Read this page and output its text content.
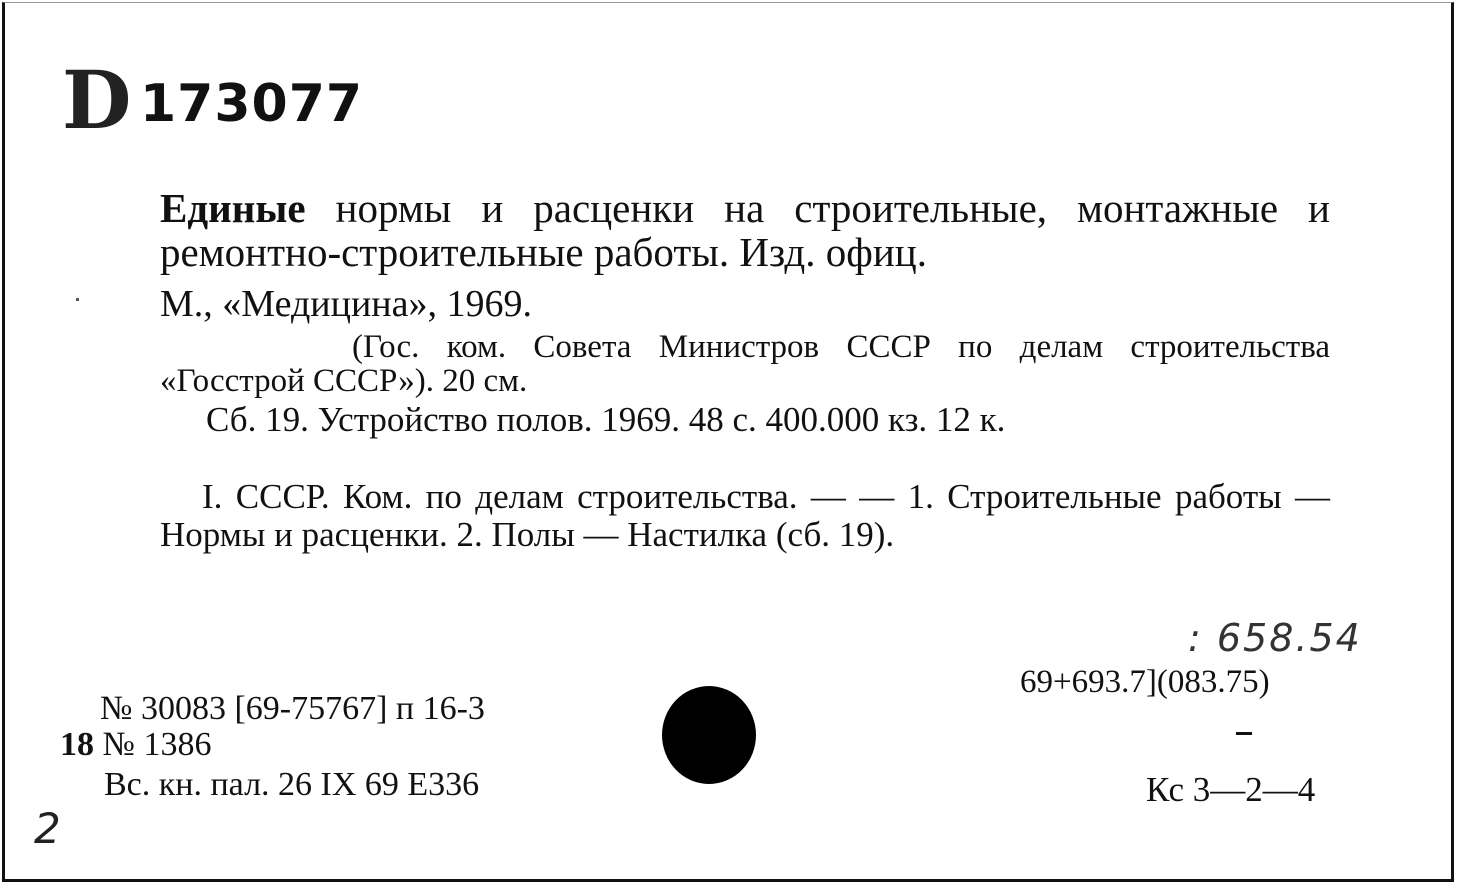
D 173077
Единые нормы и расценки на строительные, монтажные и ремонтно-строительные работы. Изд. офиц.
М., «Медицина», 1969.
(Гос. ком. Совета Министров СССР по делам строительства «Госстрой СССР»). 20 см.
Сб. 19. Устройство полов. 1969. 48 с. 400.000 кз. 12 к.
I. СССР. Ком. по делам строительства. — — 1. Строительные работы — Нормы и расценки. 2. Полы — Настилка (сб. 19).
: 658.54
69+693.7](083.75)
Кс 3—2—4
№ 30083 [69-75767] п 16-3
18 № 1386
Вс. кн. пал. 26 IX 69 Е336
2
